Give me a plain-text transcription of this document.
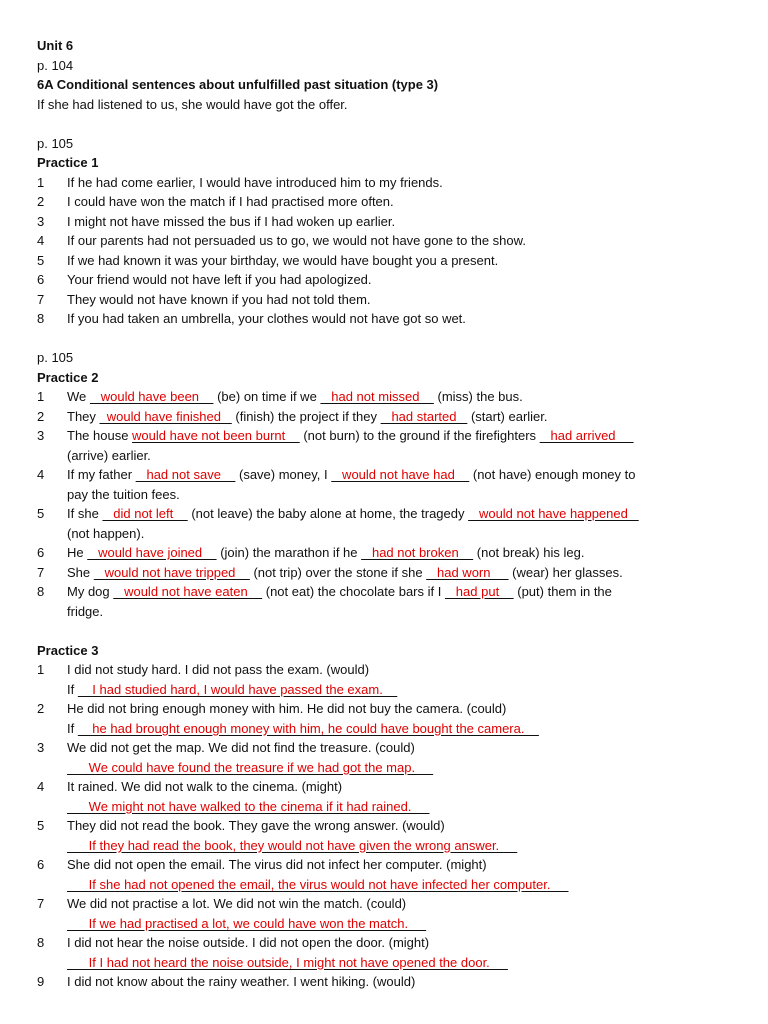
Unit 6
p. 104
6A Conditional sentences about unfulfilled past situation (type 3)
If she had listened to us, she would have got the offer.
p. 105
Practice 1
1	If he had come earlier, I would have introduced him to my friends.
2	I could have won the match if I had practised more often.
3	I might not have missed the bus if I had woken up earlier.
4	If our parents had not persuaded us to go, we would not have gone to the show.
5	If we had known it was your birthday, we would have bought you a present.
6	Your friend would not have left if you had apologized.
7	They would not have known if you had not told them.
8	If you had taken an umbrella, your clothes would not have got so wet.
p. 105
Practice 2
1	We    would have been     (be) on time if we    had not missed     (miss) the bus.
2	They   would have finished    (finish) the project if they    had started    (start) earlier.
3	The house would have not been burnt     (not burn) to the ground if the firefighters    had arrived
(arrive) earlier.
4	If my father    had not save     (save) money, I    would not have had     (not have) enough money to
pay the tuition fees.
5	If she    did not left     (not leave) the baby alone at home, the tragedy    would not have happened
(not happen).
6	He    would have joined     (join) the marathon if he    had not broken     (not break) his leg.
7	She    would not have tripped     (not trip) over the stone if she    had worn      (wear) her glasses.
8	My dog    would not have eaten     (not eat) the chocolate bars if I    had put     (put) them in the
fridge.
Practice 3
1	I did not study hard. I did not pass the exam. (would)
If     I had studied hard, I would have passed the exam.
2	He did not bring enough money with him. He did not buy the camera. (could)
If     he had brought enough money with him, he could have bought the camera.
3	We did not get the map. We did not find the treasure. (could)
We could have found the treasure if we had got the map.
4	It rained. We did not walk to the cinema. (might)
We might not have walked to the cinema if it had rained.
5	They did not read the book. They gave the wrong answer. (would)
If they had read the book, they would not have given the wrong answer.
6	She did not open the email. The virus did not infect her computer. (might)
If she had not opened the email, the virus would not have infected her computer.
7	We did not practise a lot. We did not win the match. (could)
If we had practised a lot, we could have won the match.
8	I did not hear the noise outside. I did not open the door. (might)
If I had not heard the noise outside, I might not have opened the door.
9	I did not know about the rainy weather. I went hiking. (would)
